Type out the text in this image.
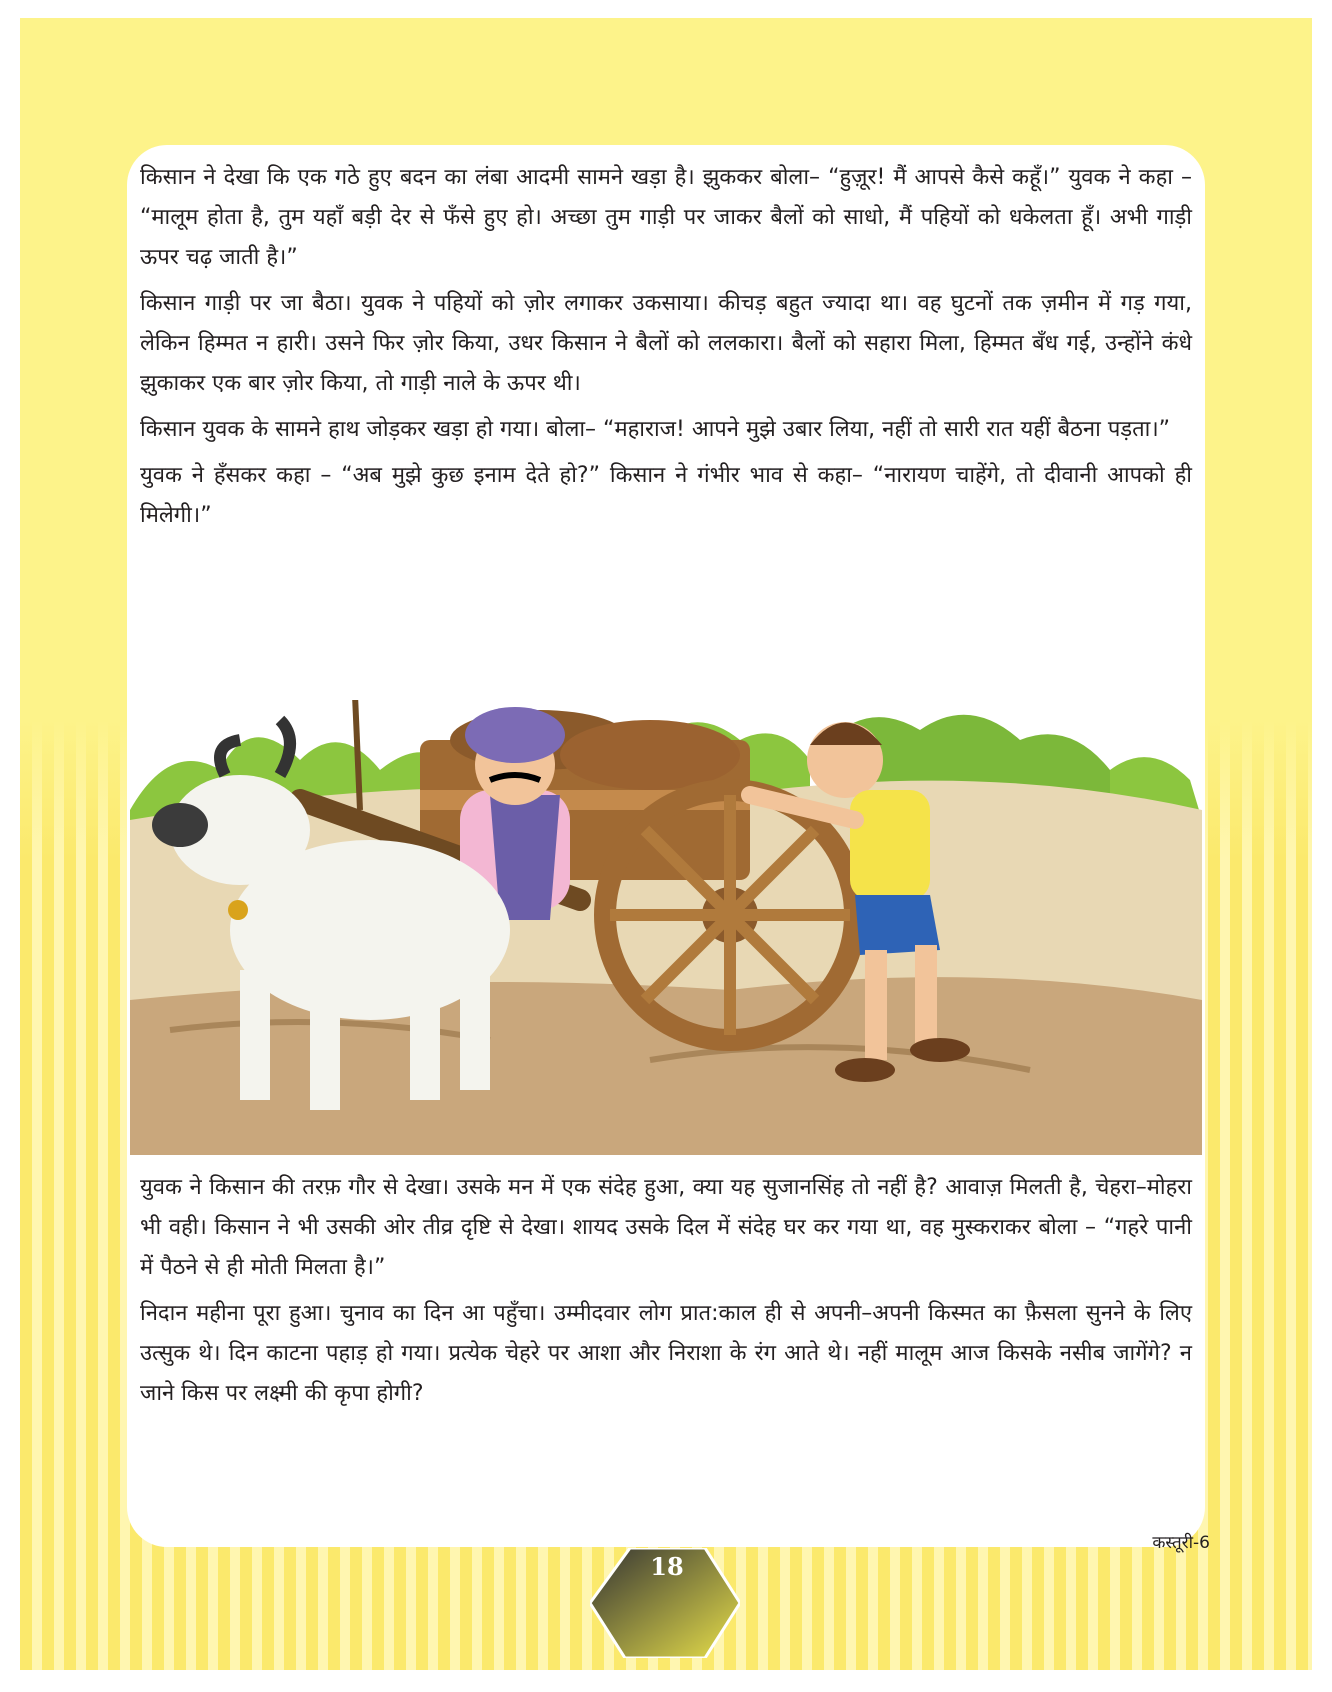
किसान ने देखा कि एक गठे हुए बदन का लंबा आदमी सामने खड़ा है। झुककर बोला– “हुज़ूर! मैं आपसे कैसे कहूँ।” युवक ने कहा – “मालूम होता है, तुम यहाँ बड़ी देर से फँसे हुए हो। अच्छा तुम गाड़ी पर जाकर बैलों को साधो, मैं पहियों को धकेलता हूँ। अभी गाड़ी ऊपर चढ़ जाती है।”

किसान गाड़ी पर जा बैठा। युवक ने पहियों को ज़ोर लगाकर उकसाया। कीचड़ बहुत ज्यादा था। वह घुटनों तक ज़मीन में गड़ गया, लेकिन हिम्मत न हारी। उसने फिर ज़ोर किया, उधर किसान ने बैलों को ललकारा। बैलों को सहारा मिला, हिम्मत बँध गई, उन्होंने कंधे झुकाकर एक बार ज़ोर किया, तो गाड़ी नाले के ऊपर थी।

किसान युवक के सामने हाथ जोड़कर खड़ा हो गया। बोला– “महाराज! आपने मुझे उबार लिया, नहीं तो सारी रात यहीं बैठना पड़ता।”

युवक ने हँसकर कहा – “अब मुझे कुछ इनाम देते हो?” किसान ने गंभीर भाव से कहा– “नारायण चाहेंगे, तो दीवानी आपको ही मिलेगी।”

युवक ने किसान की तरफ़ गौर से देखा। उसके मन में एक संदेह हुआ, क्या यह सुजानसिंह तो नहीं है? आवाज़ मिलती है, चेहरा–मोहरा भी वही। किसान ने भी उसकी ओर तीव्र दृष्टि से देखा। शायद उसके दिल में संदेह घर कर गया था, वह मुस्कराकर बोला – “गहरे पानी में पैठने से ही मोती मिलता है।”

निदान महीना पूरा हुआ। चुनाव का दिन आ पहुँचा। उम्मीदवार लोग प्रात:काल ही से अपनी–अपनी किस्मत का फ़ैसला सुनने के लिए उत्सुक थे। दिन काटना पहाड़ हो गया। प्रत्येक चेहरे पर आशा और निराशा के रंग आते थे। नहीं मालूम आज किसके नसीब जागेंगे? न जाने किस पर लक्ष्मी की कृपा होगी?

18
कस्तूरी-6
